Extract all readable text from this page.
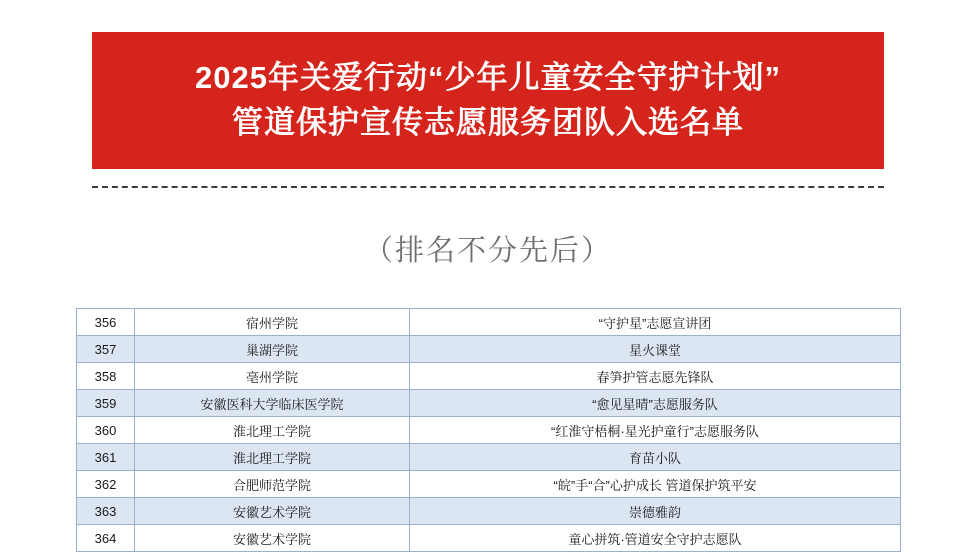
2025年关爱行动“少年儿童安全守护计划”
管道保护宣传志愿服务团队入选名单
（排名不分先后）
356	宿州学院	“守护星”志愿宣讲团
357	巢湖学院	星火课堂
358	亳州学院	春笋护管志愿先锋队
359	安徽医科大学临床医学院	“愈见星晴”志愿服务队
360	淮北理工学院	“红淮守梧桐·星光护童行”志愿服务队
361	淮北理工学院	育苗小队
362	合肥师范学院	“皖”手“合”心护成长 管道保护筑平安
363	安徽艺术学院	崇德雅韵
364	安徽艺术学院	童心拼筑·管道安全守护志愿队
